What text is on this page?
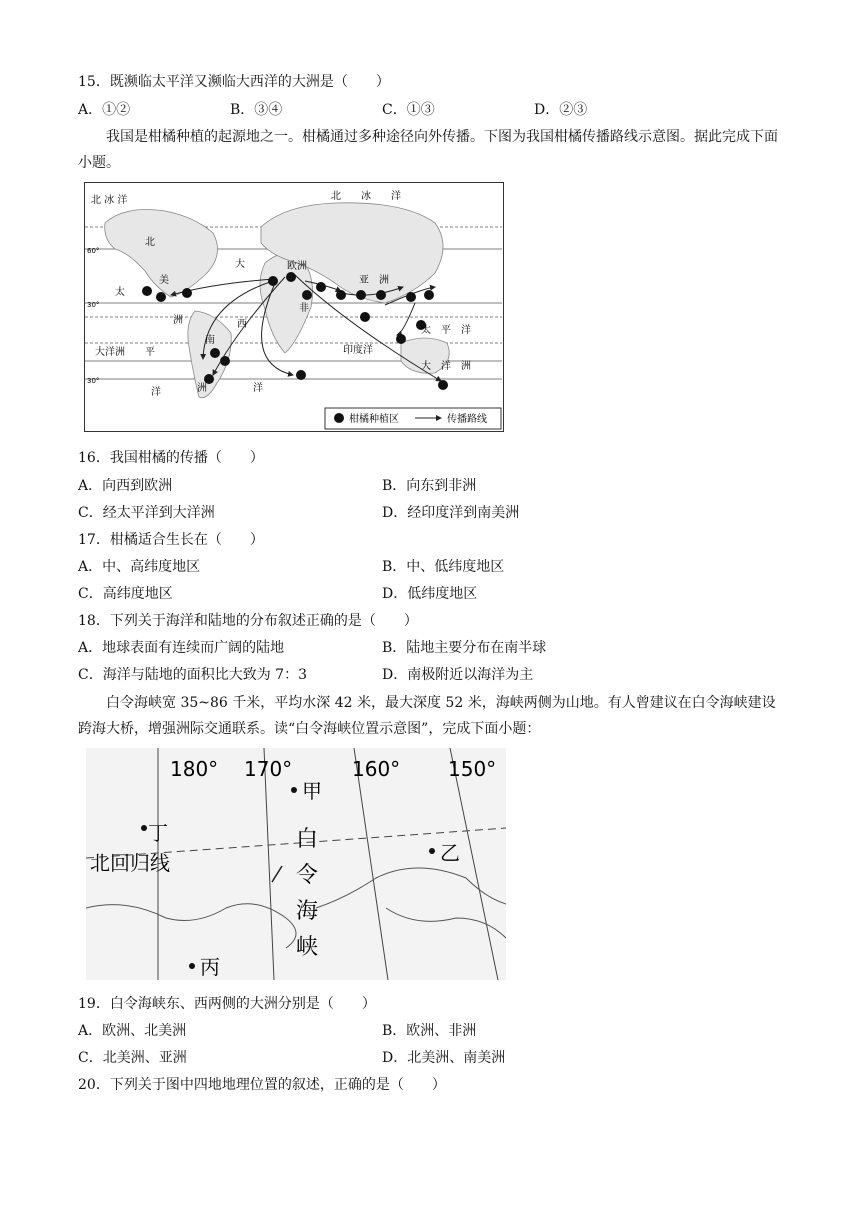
15．既濒临太平洋又濒临大西洋的大洲是（　　）
A．①②	B．③④	C．①③	D．②③
我国是柑橘种植的起源地之一。柑橘通过多种途径向外传播。下图为我国柑橘传播路线示意图。据此完成下面小题。
北 冰 洋	北　　冰　　洋
60°
30°
30°
北
大	欧洲
亚　洲
美
太
洲
非
西
南
平
大洋洲	印度洋
太　平　洋
洋	洋
洲
大 洋 洲
柑橘种植区	传播路线
16．我国柑橘的传播（　　）
A．向西到欧洲	B．向东到非洲
C．经太平洋到大洋洲	D．经印度洋到南美洲
17．柑橘适合生长在（　　）
A．中、高纬度地区	B．中、低纬度地区
C．高纬度地区	D．低纬度地区
18．下列关于海洋和陆地的分布叙述正确的是（　　）
A．地球表面有连续而广阔的陆地	B．陆地主要分布在南半球
C．海洋与陆地的面积比大致为 7：3	D．南极附近以海洋为主
白令海峡宽 35~86 千米，平均水深 42 米，最大深度 52 米，海峡两侧为山地。有人曾建议在白令海峡建设跨海大桥，增强洲际交通联系。读“白令海峡位置示意图”，完成下面小题：
180° 170°	160° 150°
甲
乙
丙
丁
北回归线
白
令
海
峡
19．白令海峡东、西两侧的大洲分别是（　　）
A．欧洲、北美洲	B．欧洲、非洲
C．北美洲、亚洲	D．北美洲、南美洲
20．下列关于图中四地地理位置的叙述，正确的是（　　）
